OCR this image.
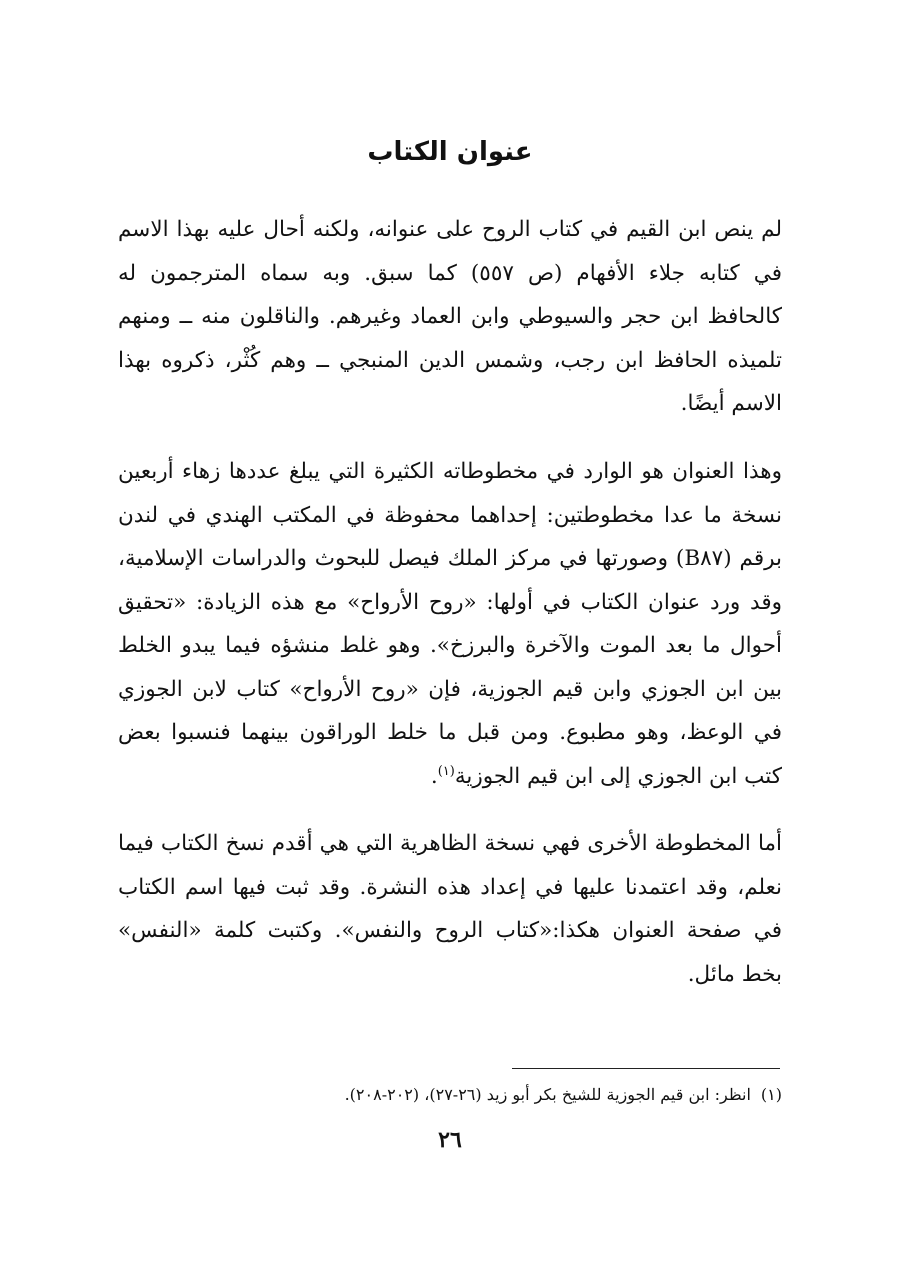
عنوان الكتاب

لم ينص ابن القيم في كتاب الروح على عنوانه، ولكنه أحال عليه بهذا الاسم في كتابه جلاء الأفهام (ص ٥٥٧) كما سبق. وبه سماه المترجمون له كالحافظ ابن حجر والسيوطي وابن العماد وغيرهم. والناقلون منه ــ ومنهم تلميذه الحافظ ابن رجب، وشمس الدين المنبجي ــ وهم كُثْر، ذكروه بهذا الاسم أيضًا.

وهذا العنوان هو الوارد في مخطوطاته الكثيرة التي يبلغ عددها زهاء أربعين نسخة ما عدا مخطوطتين: إحداهما محفوظة في المكتب الهندي في لندن برقم (B٨٧) وصورتها في مركز الملك فيصل للبحوث والدراسات الإسلامية، وقد ورد عنوان الكتاب في أولها: «روح الأرواح» مع هذه الزيادة: «تحقيق أحوال ما بعد الموت والآخرة والبرزخ». وهو غلط منشؤه فيما يبدو الخلط بين ابن الجوزي وابن قيم الجوزية، فإن «روح الأرواح» كتاب لابن الجوزي في الوعظ، وهو مطبوع. ومن قبل ما خلط الوراقون بينهما فنسبوا بعض كتب ابن الجوزي إلى ابن قيم الجوزية$^{(١)}$.

أما المخطوطة الأخرى فهي نسخة الظاهرية التي هي أقدم نسخ الكتاب فيما نعلم، وقد اعتمدنا عليها في إعداد هذه النشرة. وقد ثبت فيها اسم الكتاب في صفحة العنوان هكذا:«كتاب الروح والنفس». وكتبت كلمة «النفس» بخط مائل.

(١)انظر: ابن قيم الجوزية للشيخ بكر أبو زيد (٢٦-٢٧)، (٢٠٢-٢٠٨).
٢٦
